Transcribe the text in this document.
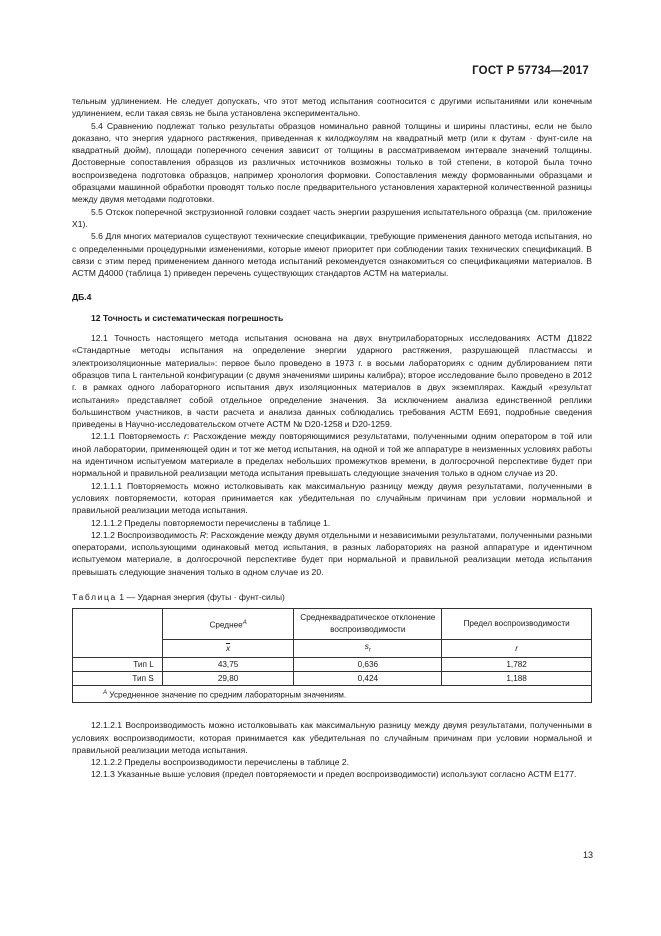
ГОСТ Р 57734—2017

тельным удлинением. Не следует допускать, что этот метод испытания соотносится с другими испытаниями или конечным удлинением, если такая связь не была установлена экспериментально.

5.4 Сравнению подлежат только результаты образцов номинально равной толщины и ширины пластины, если не было доказано, что энергия ударного растяжения, приведенная к килоджоулям на квадратный метр (или к футам · фунт-силе на квадратный дюйм), площади поперечного сечения зависит от толщины в рассматриваемом интервале значений толщины. Достоверные сопоставления образцов из различных источников возможны только в той степени, в которой была точно воспроизведена подготовка образцов, например хронология формовки. Сопоставления между формованными образцами и образцами машинной обработки проводят только после предварительного установления характерной количественной разницы между двумя методами подготовки.

5.5 Отскок поперечной экструзионной головки создает часть энергии разрушения испытательного образца (см. приложение X1).

5.6 Для многих материалов существуют технические спецификации, требующие применения данного метода испытания, но с определенными процедурными изменениями, которые имеют приоритет при соблюдении таких технических спецификаций. В связи с этим перед применением данного метода испытаний рекомендуется ознакомиться со спецификациями материалов. В АСТМ Д4000 (таблица 1) приведен перечень существующих стандартов АСТМ на материалы.

ДБ.4

12 Точность и систематическая погрешность

12.1 Точность настоящего метода испытания основана на двух внутрилабораторных исследованиях АСТМ Д1822 «Стандартные методы испытания на определение энергии ударного растяжения, разрушающей пластмассы и электроизоляционные материалы»: первое было проведено в 1973 г. в восьми лабораториях с одним дублированием пяти образцов типа L гантельной конфигурации (с двумя значениями ширины калибра); второе исследование было проведено в 2012 г. в рамках одного лабораторного испытания двух изоляционных материалов в двух экземплярах. Каждый «результат испытания» представляет собой отдельное определение значения. За исключением анализа единственной реплики большинством участников, в части расчета и анализа данных соблюдались требования АСТМ Е691, подробные сведения приведены в Научно-исследовательском отчете АСТМ № D20-1258 и D20-1259.

12.1.1 Повторяемость r: Расхождение между повторяющимися результатами, полученными одним оператором в той или иной лаборатории, применяющей один и тот же метод испытания, на одной и той же аппаратуре в неизменных условиях работы на идентичном испытуемом материале в пределах небольших промежутков времени, в долгосрочной перспективе будет при нормальной и правильной реализации метода испытания превышать следующие значения только в одном случае из 20.

12.1.1.1 Повторяемость можно истолковывать как максимальную разницу между двумя результатами, полученными в условиях повторяемости, которая принимается как убедительная по случайным причинам при условии нормальной и правильной реализации метода испытания.

12.1.1.2 Пределы повторяемости перечислены в таблице 1.

12.1.2 Воспроизводимость R: Расхождение между двумя отдельными и независимыми результатами, полученными разными операторами, использующими одинаковый метод испытания, в разных лабораториях на разной аппаратуре и идентичном испытуемом материале, в долгосрочной перспективе будет при нормальной и правильной реализации метода испытания превышать следующие значения только в одном случае из 20.

Таблица 1 — Ударная энергия (футы · фунт-силы)

	Среднее$^А$	Среднеквадратическое отклонение воспроизводимости	Предел воспроизводимости
	$\overline{x}$	$s_r$	r
Тип L	43,75	0,636	1,782
Тип S	29,80	0,424	1,188
$^А$ Усредненное значение по средним лабораторным значениям.			

12.1.2.1 Воспроизводимость можно истолковывать как максимальную разницу между двумя результатами, полученными в условиях воспроизводимости, которая принимается как убедительная по случайным причинам при условии нормальной и правильной реализации метода испытания.

12.1.2.2 Пределы воспроизводимости перечислены в таблице 2.

12.1.3 Указанные выше условия (предел повторяемости и предел воспроизводимости) используют согласно АСТМ Е177.

13
